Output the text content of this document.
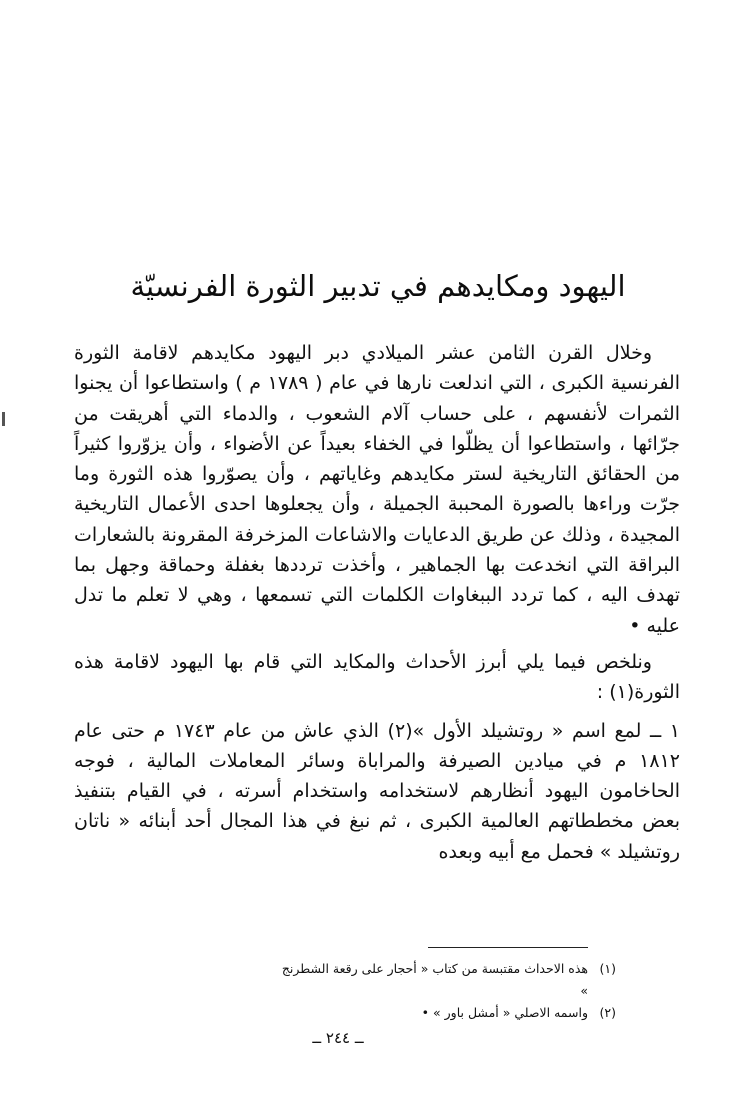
اليهود ومكايدهم في تدبير الثورة الفرنسيّة

وخلال القرن الثامن عشر الميلادي دبر اليهود مكايدهم لاقامة الثورة الفرنسية الكبرى ، التي اندلعت نارها في عام ( ١٧٨٩ م ) واستطاعوا أن يجنوا الثمرات لأنفسهم ، على حساب آلام الشعوب ، والدماء التي أهريقت من جرّائها ، واستطاعوا أن يظلّوا في الخفاء بعيداً عن الأضواء ، وأن يزوّروا كثيراً من الحقائق التاريخية لستر مكايدهم وغاياتهم ، وأن يصوّروا هذه الثورة وما جرّت وراءها بالصورة المحببة الجميلة ، وأن يجعلوها احدى الأعمال التاريخية المجيدة ، وذلك عن طريق الدعايات والاشاعات المزخرفة المقرونة بالشعارات البراقة التي انخدعت بها الجماهير ، وأخذت ترددها بغفلة وحماقة وجهل بما تهدف اليه ، كما تردد الببغاوات الكلمات التي تسمعها ، وهي لا تعلم ما تدل عليه •

ونلخص فيما يلي أبرز الأحداث والمكايد التي قام بها اليهود لاقامة هذه الثورة(١) :

١ ــ لمع اسم « روتشيلد الأول »(٢) الذي عاش من عام ١٧٤٣ م حتى عام ١٨١٢ م في ميادين الصيرفة والمراباة وسائر المعاملات المالية ، فوجه الحاخامون اليهود أنظارهم لاستخدامه واستخدام أسرته ، في القيام بتنفيذ بعض مخططاتهم العالمية الكبرى ، ثم نبغ في هذا المجال أحد أبنائه « ناتان روتشيلد » فحمل مع أبيه وبعده

(١)
هذه الاحداث مقتبسة من كتاب « أحجار على رقعة الشطرنج »
(٢)
واسمه الاصلي « أمشل باور » •
ــ ٢٤٤ ــ
